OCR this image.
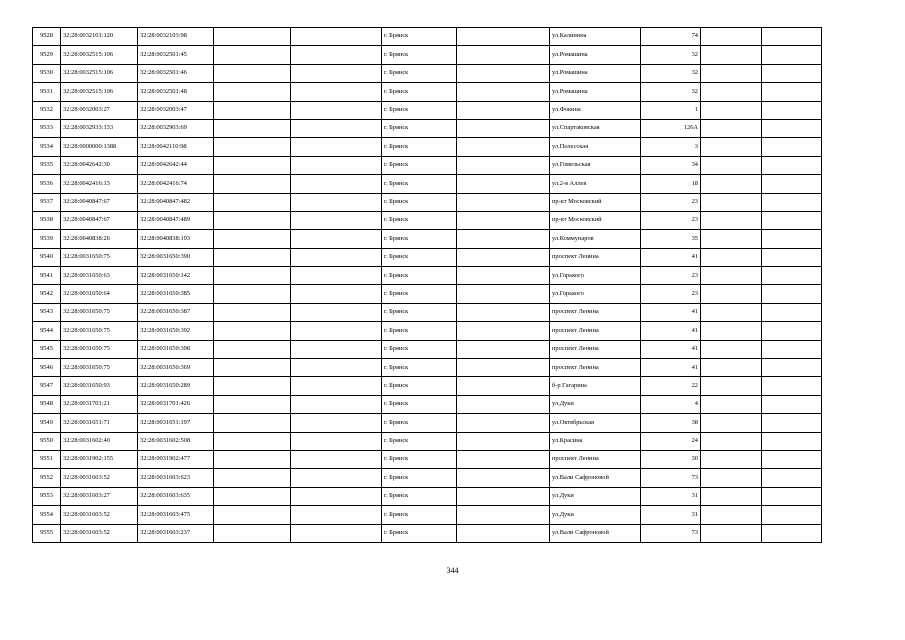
9528	32:28:0032101:120	32:28:0032103:98			г. Брянск		ул.Калинина	74		
9529	32:28:0032515:106	32:28:0032501:45			г. Брянск		ул.Ромашина	32		
9530	32:28:0032515:106	32:28:0032501:46			г. Брянск		ул.Ромашина	32		
9531	32:28:0032515:106	32:28:0032501:48			г. Брянск		ул.Ромашина	32		
9532	32:28:0032003:27	32:28:0032003:47			г. Брянск		ул.Фокина	1		
9533	32:28:0032933:133	32:28:0032903:69			г. Брянск		ул.Спартаковская	126А		
9534	32:28:0000000:1388	32:28:0042110:98			г. Брянск		ул.Полесская	3		
9535	32:28:0042642:30	32:28:0042642:44			г. Брянск		ул.Гомельская	34		
9536	32:28:0042416:13	32:28:0042416:74			г. Брянск		ул.2-я Аллея	18		
9537	32:28:0040847:67	32:28:0040847:482			г. Брянск		пр-кт Московский	23		
9538	32:28:0040847:67	32:28:0040847:489			г. Брянск		пр-кт Московский	23		
9539	32:28:0040838:26	32:28:0040838:193			г. Брянск		ул.Коммунаров	35		
9540	32:28:0031650:75	32:28:0031650:390			г. Брянск		проспект Ленина	41		
9541	32:28:0031650:63	32:28:0031650:142			г. Брянск		ул.Горького	23		
9542	32:28:0031650:64	32:28:0031650:385			г. Брянск		ул.Горького	23		
9543	32:28:0031650:75	32:28:0031650:387			г. Брянск		проспект Ленина	41		
9544	32:28:0031650:75	32:28:0031650:392			г. Брянск		проспект Ленина	41		
9545	32:28:0031650:75	32:28:0031650:398			г. Брянск		проспект Ленина	41		
9546	32:28:0031650:75	32:28:0031650:369			г. Брянск		проспект Ленина	41		
9547	32:28:0031650:93	32:28:0031650:289			г. Брянск		б-р Гагарина	22		
9548	32:28:0031701:21	32:28:0031701:426			г. Брянск		ул.Дуки	4		
9549	32:28:0031651:71	32:28:0031651:197			г. Брянск		ул.Октябрьская	38		
9550	32:28:0031602:40	32:28:0031602:508			г. Брянск		ул.Красина	24		
9551	32:28:0031902:155	32:28:0031902:477			г. Брянск		проспект Ленина	30		
9552	32:28:0031603:52	32:28:0031603:623			г. Брянск		ул.Вали Сафроновой	73		
9553	32:28:0031603:27	32:28:0031603:635			г. Брянск		ул.Дуки	31		
9554	32:28:0031603:52	32:28:0031603:475			г. Брянск		ул.Дуки	31		
9555	32:28:0031603:52	32:28:0031603:237			г. Брянск		ул.Вали Сафроновой	73		
344
